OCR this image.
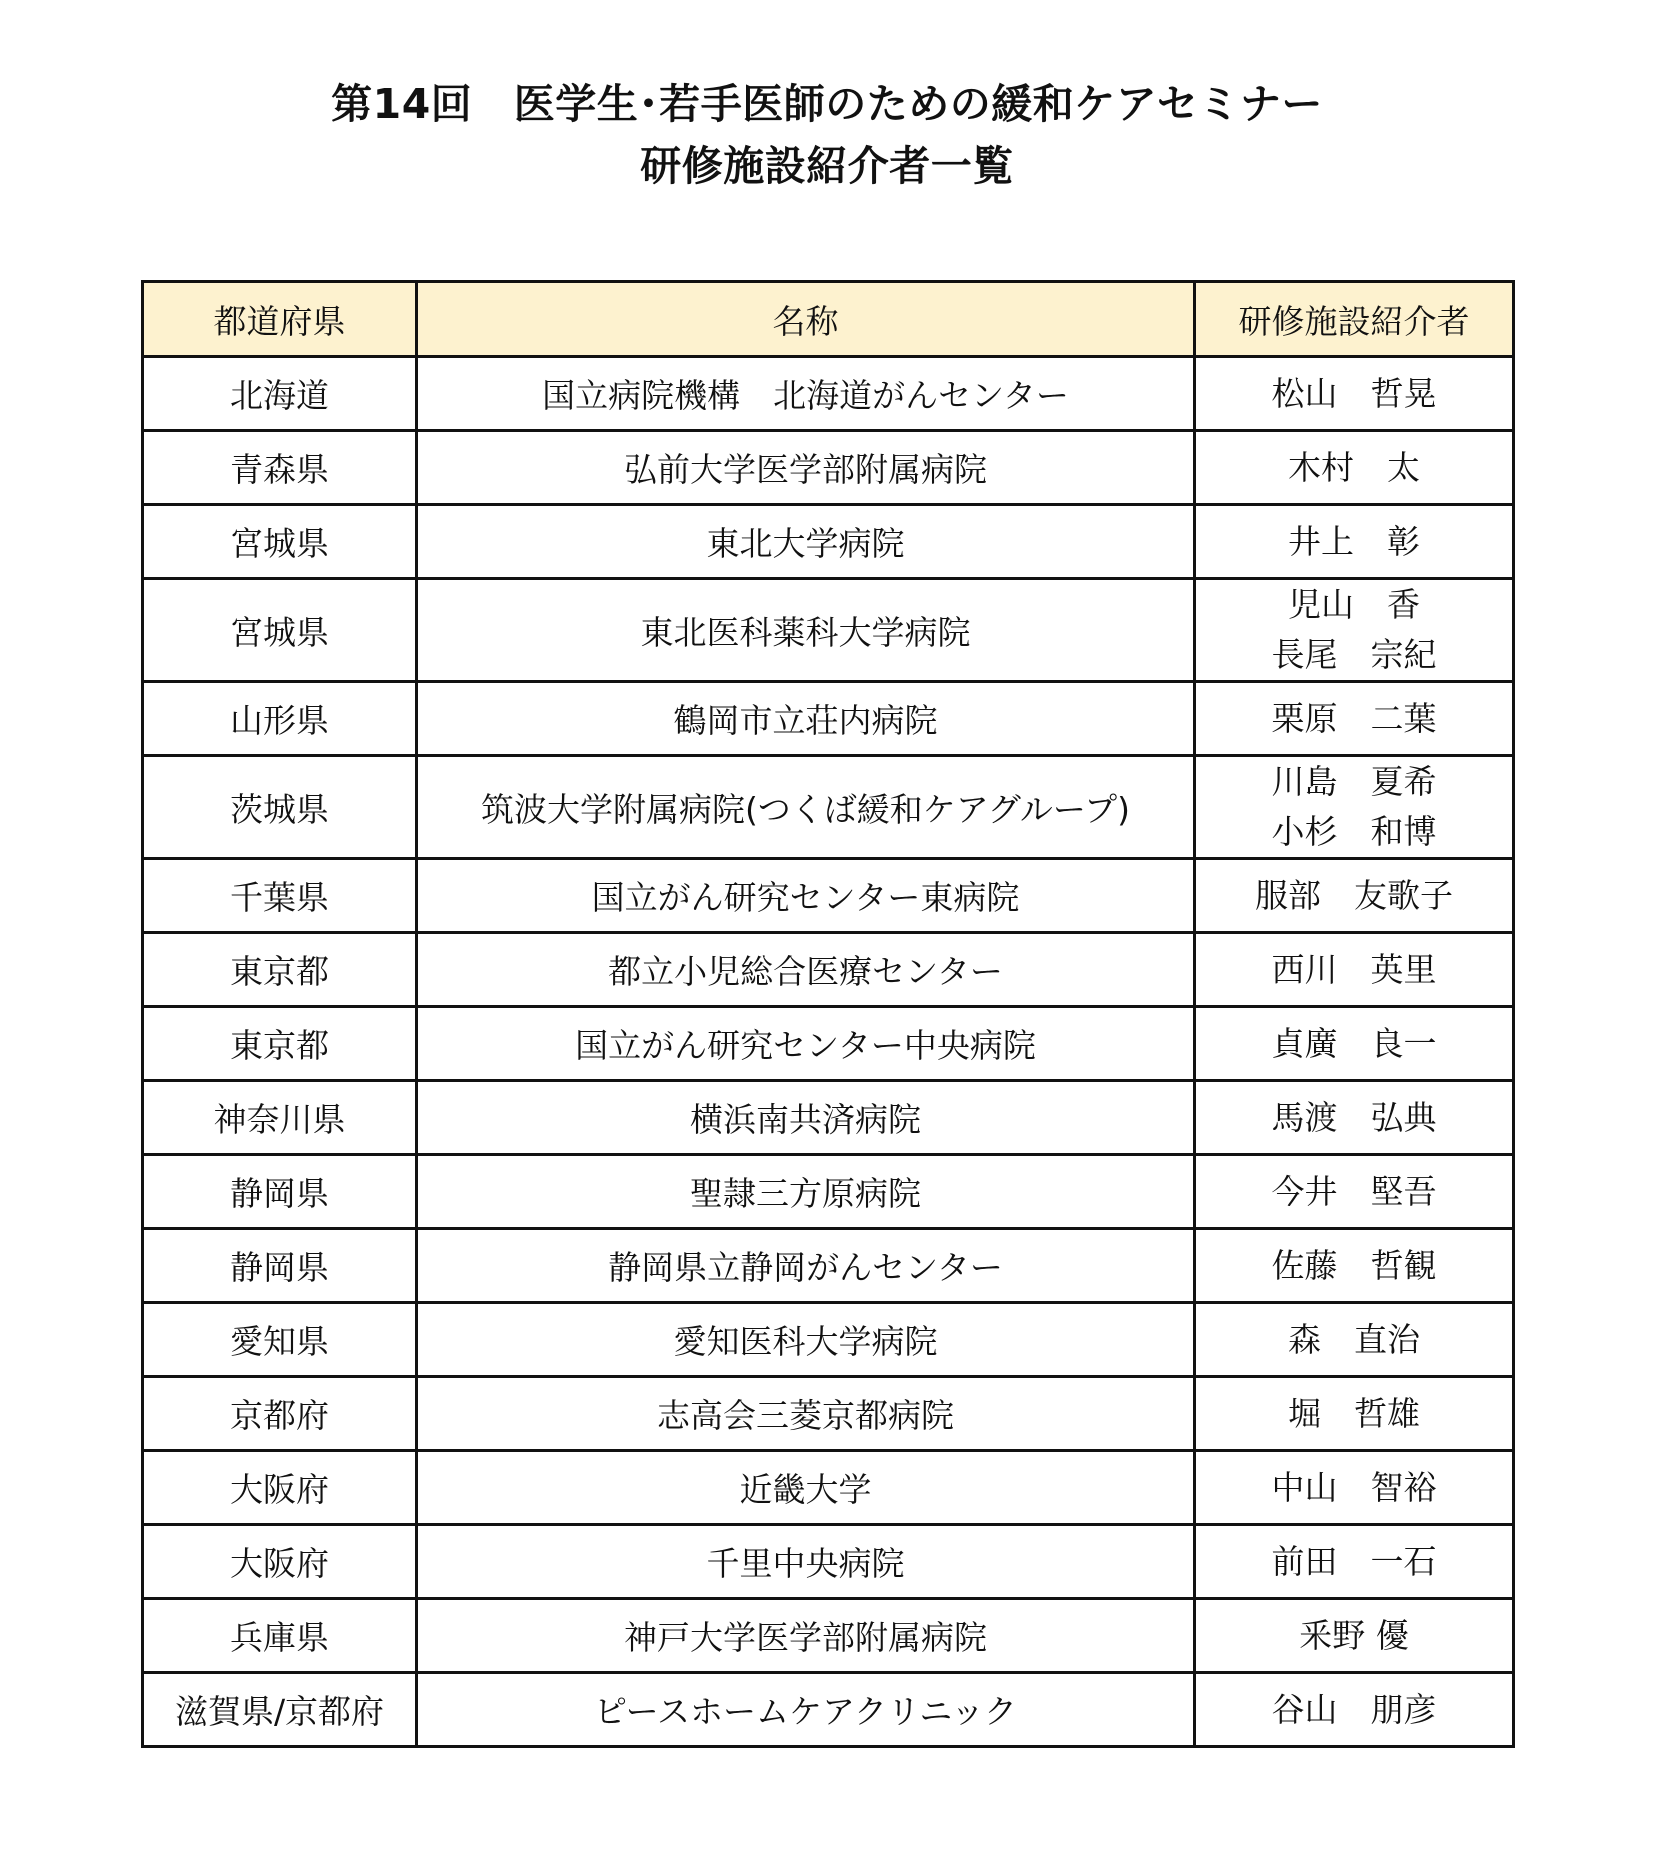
第14回　医学生･若手医師のための緩和ケアセミナー
研修施設紹介者一覧
都道府県	名称	研修施設紹介者
北海道	国立病院機構　北海道がんセンター	松山　哲晃

青森県	弘前大学医学部附属病院	木村　太

宮城県	東北大学病院	井上　彰

宮城県	東北医科薬科大学病院	児山　香
長尾　宗紀

山形県	鶴岡市立荘内病院	栗原　二葉

茨城県	筑波大学附属病院(つくば緩和ケアグループ)	川島　夏希
小杉　和博

千葉県	国立がん研究センター東病院	服部　友歌子

東京都	都立小児総合医療センター	西川　英里

東京都	国立がん研究センター中央病院	貞廣　良一

神奈川県	横浜南共済病院	馬渡　弘典

静岡県	聖隷三方原病院	今井　堅吾

静岡県	静岡県立静岡がんセンター	佐藤　哲観

愛知県	愛知医科大学病院	森　直治

京都府	志高会三菱京都病院	堀　哲雄

大阪府	近畿大学	中山　智裕

大阪府	千里中央病院	前田　一石

兵庫県	神戸大学医学部附属病院	釆野 優

滋賀県/京都府	ピースホームケアクリニック	谷山　朋彦
